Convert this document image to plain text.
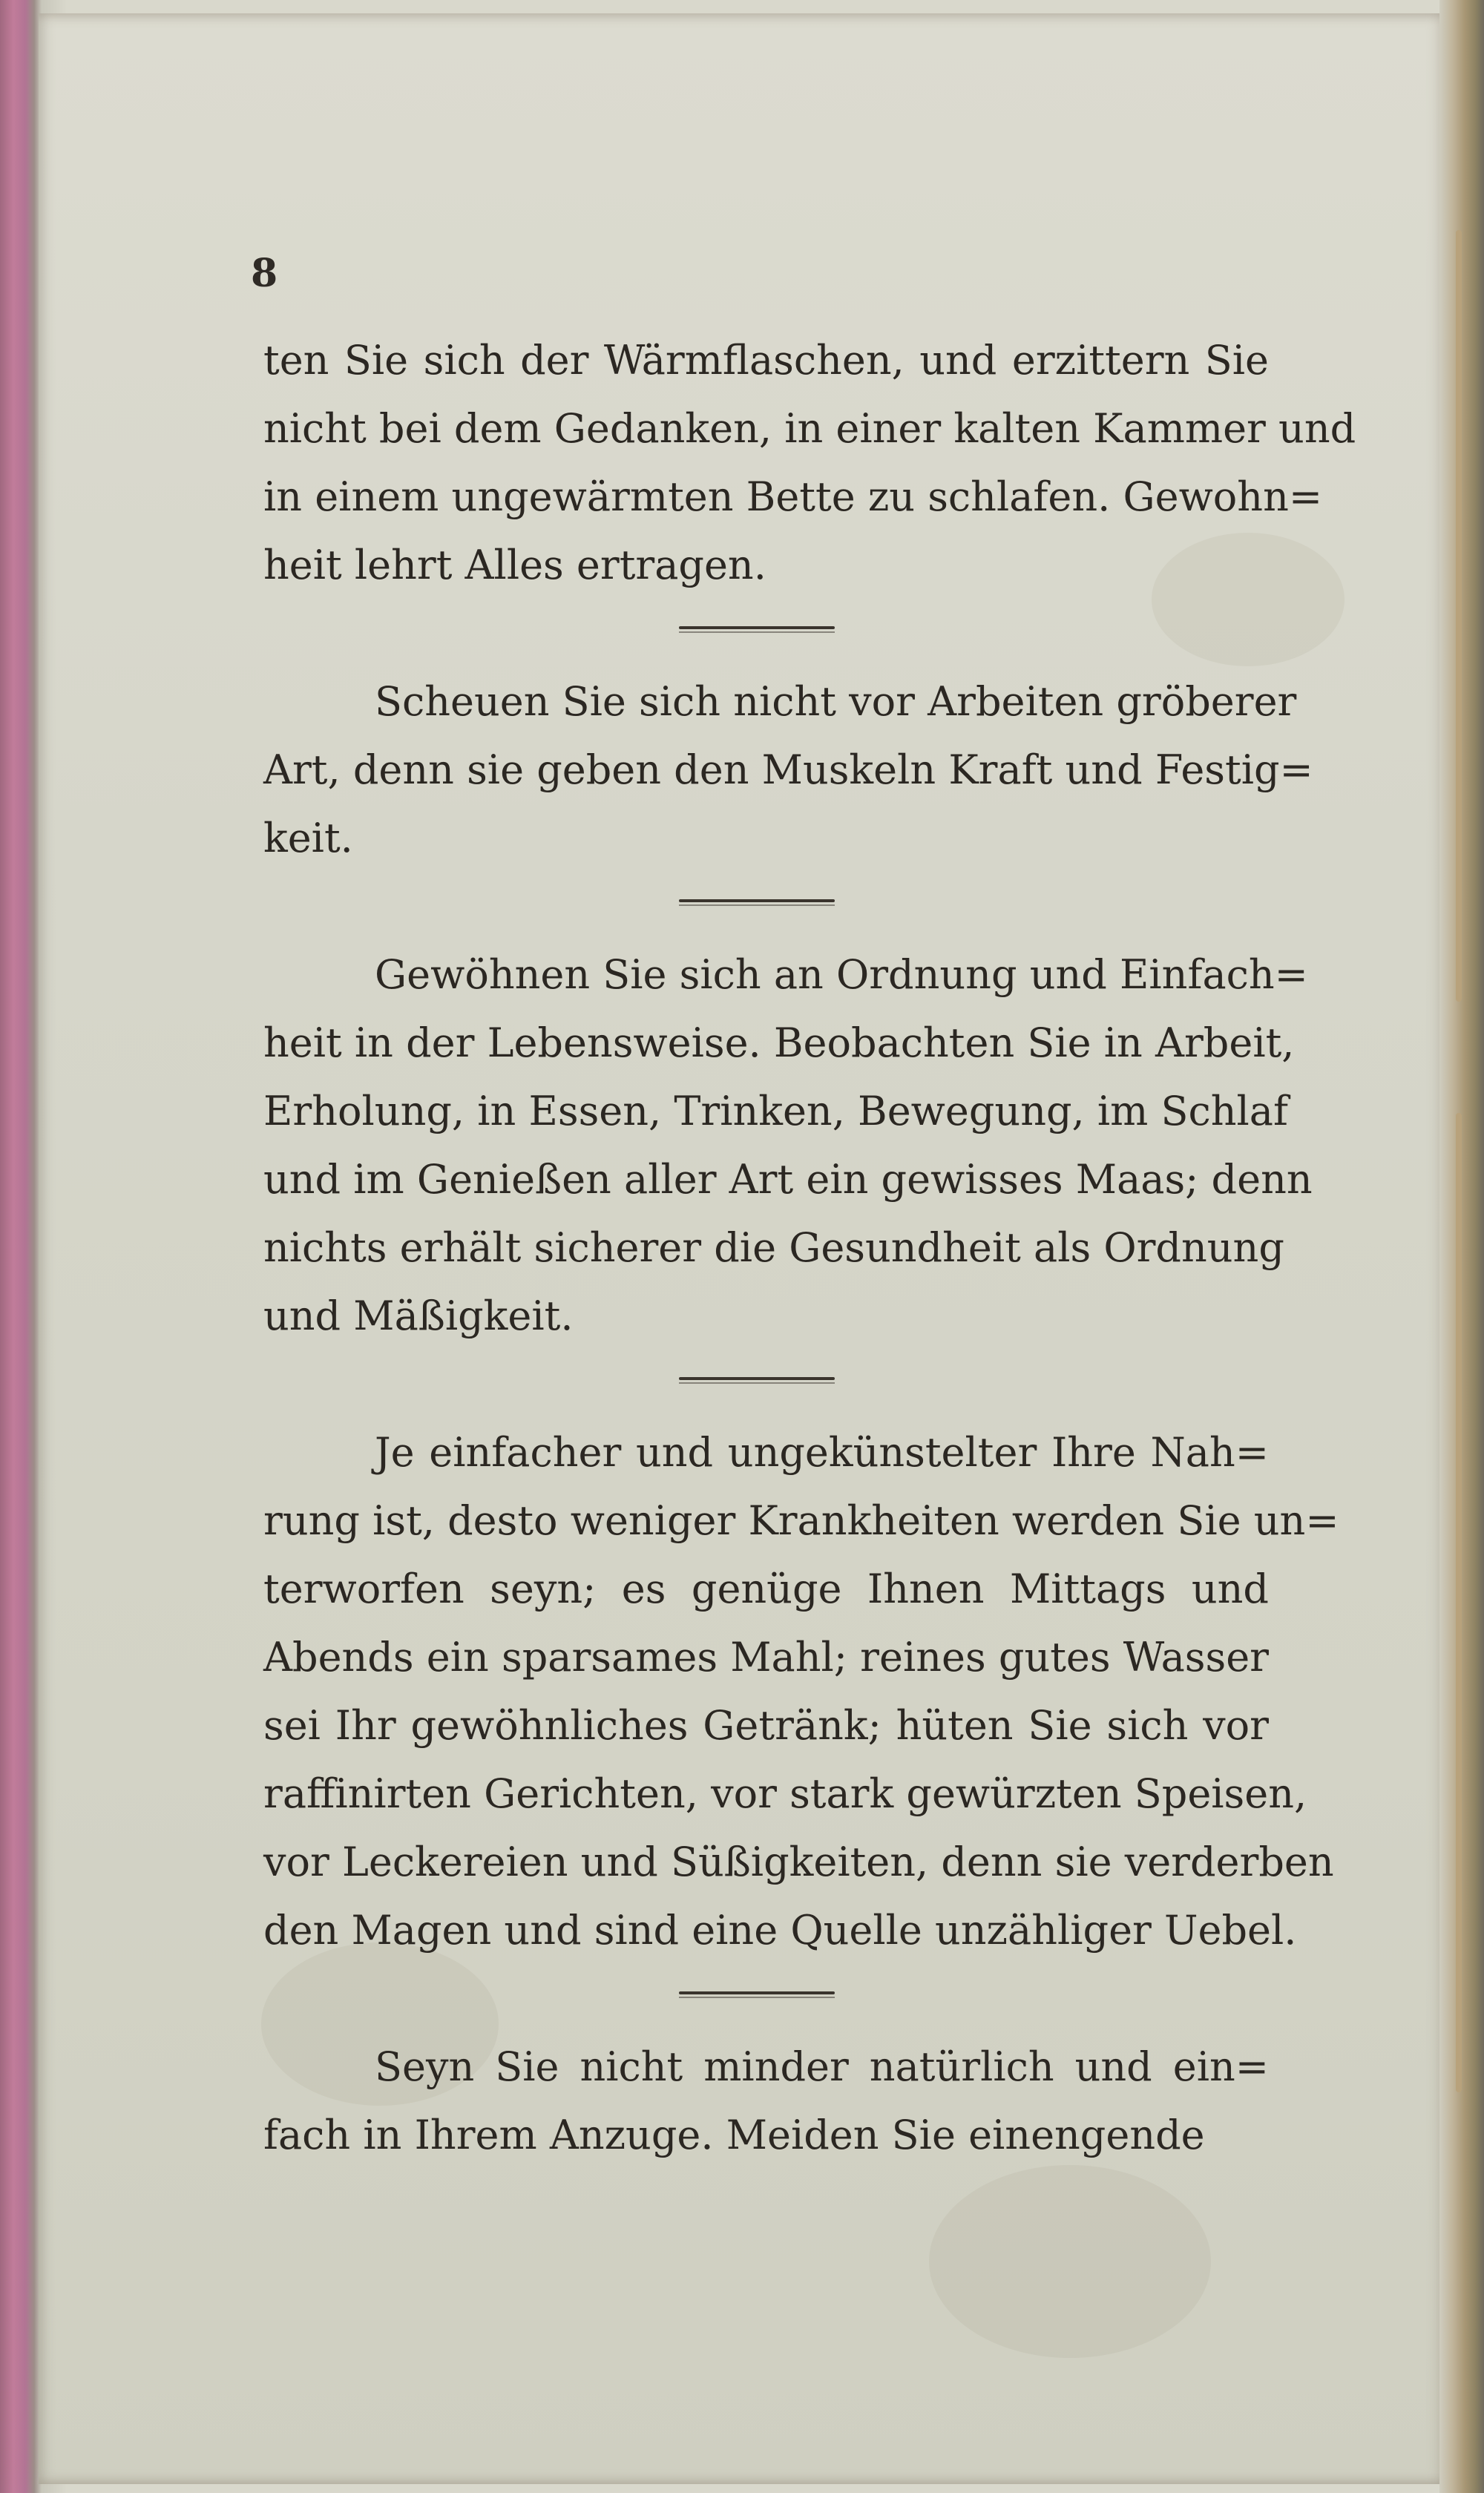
8
ten Sie sich der Wärmflaschen, und erzittern Sie
nicht bei dem Gedanken, in einer kalten Kammer und
in einem ungewärmten Bette zu schlafen. Gewohn=
heit lehrt Alles ertragen.
Scheuen Sie sich nicht vor Arbeiten gröberer
Art, denn sie geben den Muskeln Kraft und Festig=
keit.
Gewöhnen Sie sich an Ordnung und Einfach=
heit in der Lebensweise. Beobachten Sie in Arbeit,
Erholung, in Essen, Trinken, Bewegung, im Schlaf
und im Genießen aller Art ein gewisses Maas; denn
nichts erhält sicherer die Gesundheit als Ordnung
und Mäßigkeit.
Je einfacher und ungekünstelter Ihre Nah=
rung ist, desto weniger Krankheiten werden Sie un=
terworfen seyn; es genüge Ihnen Mittags und
Abends ein sparsames Mahl; reines gutes Wasser
sei Ihr gewöhnliches Getränk; hüten Sie sich vor
raffinirten Gerichten, vor stark gewürzten Speisen,
vor Leckereien und Süßigkeiten, denn sie verderben
den Magen und sind eine Quelle unzähliger Uebel.
Seyn Sie nicht minder natürlich und ein=
fach in Ihrem Anzuge. Meiden Sie einengende
